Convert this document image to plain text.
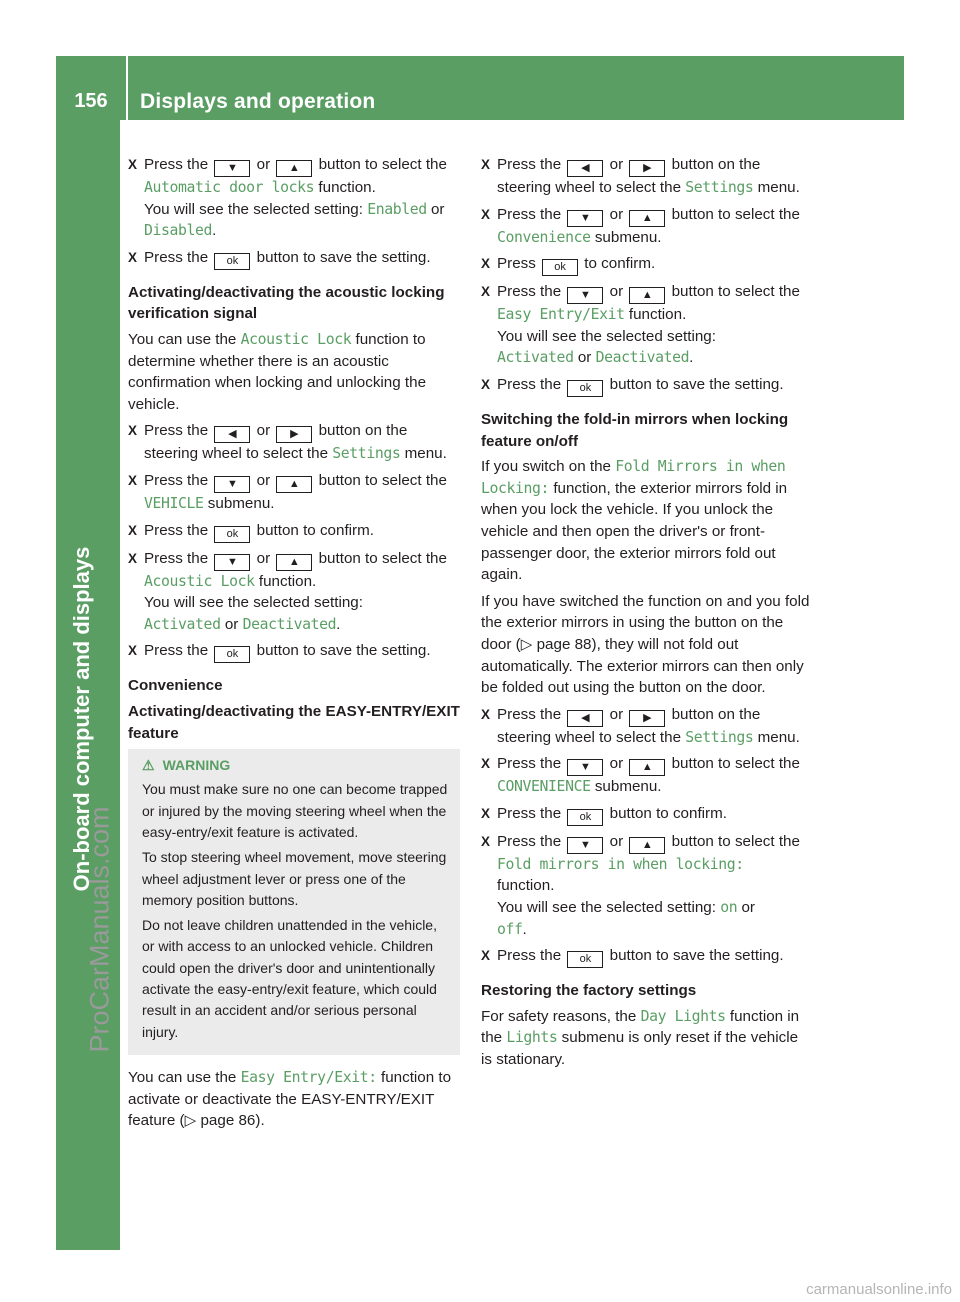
156	Displays and operation
On-board computer and displays
ProCarManuals.com
X Press the ▼ or ▲ button to select the Automatic door locks function.
You will see the selected setting: Enabled or Disabled.
X Press the ok button to save the setting.
Activating/deactivating the acoustic locking verification signal

You can use the Acoustic Lock function to determine whether there is an acoustic confirmation when locking and unlocking the vehicle.

X Press the ◀ or ▶ button on the steering wheel to select the Settings menu.
X Press the ▼ or ▲ button to select the VEHICLE submenu.
X Press the ok button to confirm.
X Press the ▼ or ▲ button to select the Acoustic Lock function.
You will see the selected setting:
Activated or Deactivated.
X Press the ok button to save the setting.
Convenience
Activating/deactivating the EASY-ENTRY/EXIT feature
⚠ WARNING

You must make sure no one can become trapped or injured by the moving steering wheel when the easy-entry/exit feature is activated.

To stop steering wheel movement, move steering wheel adjustment lever or press one of the memory position buttons.

Do not leave children unattended in the vehicle, or with access to an unlocked vehicle. Children could open the driver's door and unintentionally activate the easy-entry/exit feature, which could result in an accident and/or serious personal injury.

You can use the Easy Entry/Exit: function to activate or deactivate the EASY-ENTRY/EXIT feature (▷ page 86).

X Press the ◀ or ▶ button on the steering wheel to select the Settings menu.
X Press the ▼ or ▲ button to select the Convenience submenu.
X Press ok to confirm.
X Press the ▼ or ▲ button to select the Easy Entry/Exit function.
You will see the selected setting:
Activated or Deactivated.
X Press the ok button to save the setting.
Switching the fold-in mirrors when locking feature on/off

If you switch on the Fold Mirrors in when Locking: function, the exterior mirrors fold in when you lock the vehicle. If you unlock the vehicle and then open the driver's or front-passenger door, the exterior mirrors fold out again.

If you have switched the function on and you fold the exterior mirrors in using the button on the door (▷ page 88), they will not fold out automatically. The exterior mirrors can then only be folded out using the button on the door.

X Press the ◀ or ▶ button on the steering wheel to select the Settings menu.
X Press the ▼ or ▲ button to select the CONVENIENCE submenu.
X Press the ok button to confirm.
X Press the ▼ or ▲ button to select the Fold mirrors in when locking:
function.
You will see the selected setting: on or
off.
X Press the ok button to save the setting.
Restoring the factory settings

For safety reasons, the Day Lights function in the Lights submenu is only reset if the vehicle is stationary.

carmanualsonline.info
